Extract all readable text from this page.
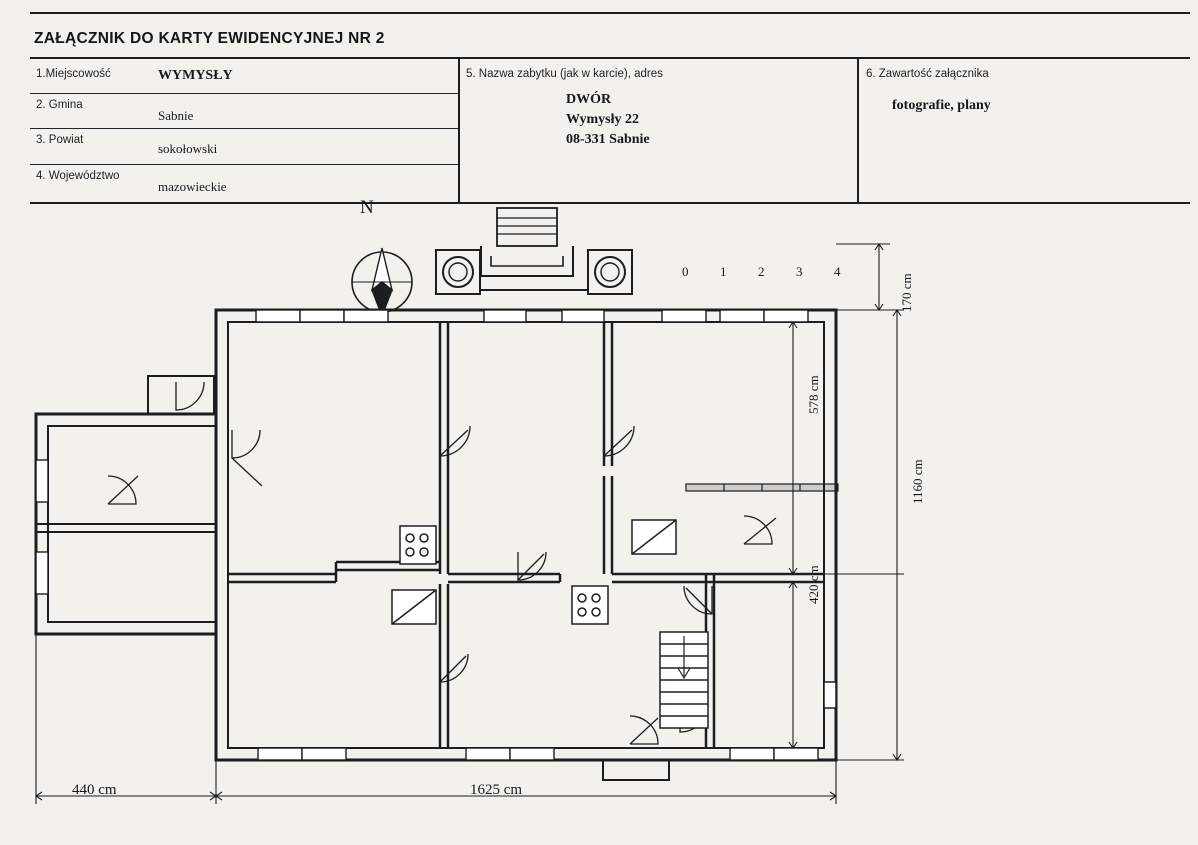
ZAŁĄCZNIK DO KARTY EWIDENCYJNEJ NR 2
1.Miejscowość	WYMYSŁY
2. Gmina
Sabnie
3. Powiat
sokołowski
4. Województwo
mazowieckie
5. Nazwa zabytku (jak w karcie), adres
DWÓR
Wymysły 22
08-331 Sabnie
6. Zawartość załącznika
fotografie, plany
N
0 1 2 3 4
170 cm
578 cm
420 cm
1160 cm
440 cm	1625 cm
